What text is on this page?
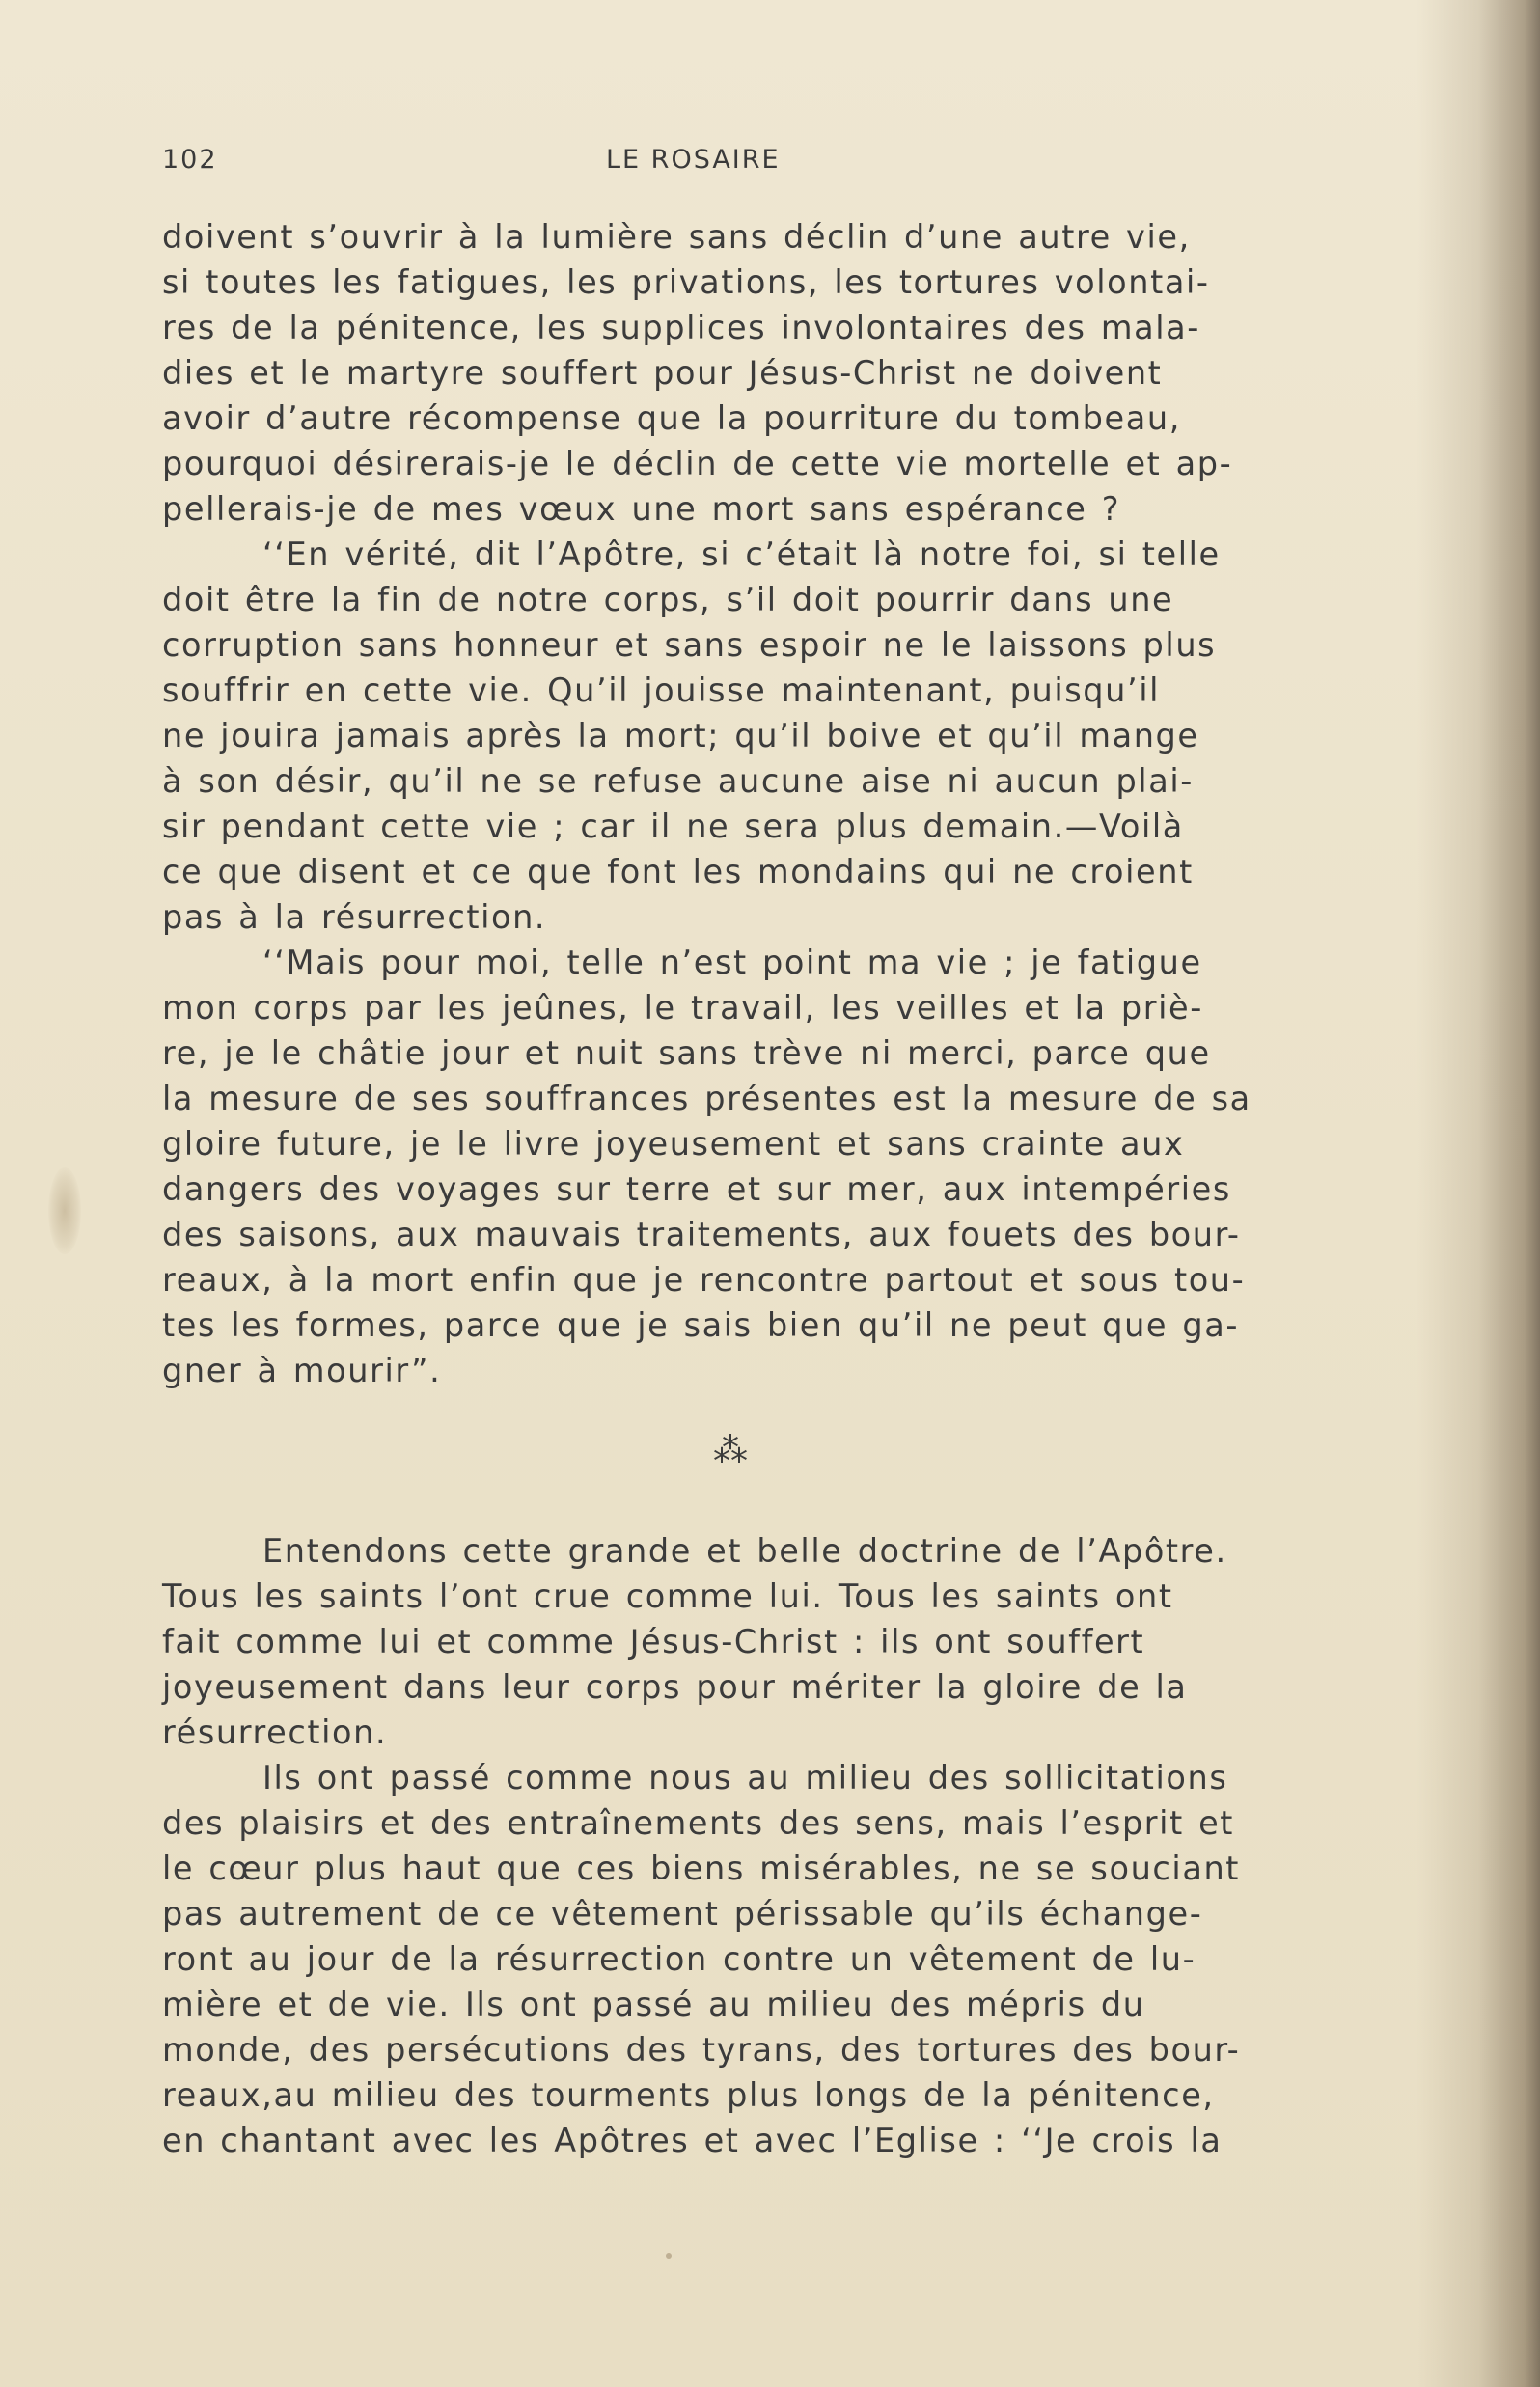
102	LE ROSAIRE
doivent s’ouvrir à la lumière sans déclin d’une autre vie,
si toutes les fatigues, les privations, les tortures volontai-
res de la pénitence, les supplices involontaires des mala-
dies et le martyre souffert pour Jésus-Christ ne doivent
avoir d’autre récompense que la pourriture du tombeau,
pourquoi désirerais-je le déclin de cette vie mortelle et ap-
pellerais-je de mes vœux une mort sans espérance ?
‘‘En vérité, dit l’Apôtre, si c’était là notre foi, si telle
doit être la fin de notre corps, s’il doit pourrir dans une
corruption sans honneur et sans espoir ne le laissons plus
souffrir en cette vie. Qu’il jouisse maintenant, puisqu’il
ne jouira jamais après la mort; qu’il boive et qu’il mange
à son désir, qu’il ne se refuse aucune aise ni aucun plai-
sir pendant cette vie ; car il ne sera plus demain.—Voilà
ce que disent et ce que font les mondains qui ne croient
pas à la résurrection.
‘‘Mais pour moi, telle n’est point ma vie ; je fatigue
mon corps par les jeûnes, le travail, les veilles et la priè-
re, je le châtie jour et nuit sans trève ni merci, parce que
la mesure de ses souffrances présentes est la mesure de sa
gloire future, je le livre joyeusement et sans crainte aux
dangers des voyages sur terre et sur mer, aux intempéries
des saisons, aux mauvais traitements, aux fouets des bour-
reaux, à la mort enfin que je rencontre partout et sous tou-
tes les formes, parce que je sais bien qu’il ne peut que ga-
gner à mourir”.
⁂
Entendons cette grande et belle doctrine de l’Apôtre.
Tous les saints l’ont crue comme lui. Tous les saints ont
fait comme lui et comme Jésus-Christ : ils ont souffert
joyeusement dans leur corps pour mériter la gloire de la
résurrection.
Ils ont passé comme nous au milieu des sollicitations
des plaisirs et des entraînements des sens, mais l’esprit et
le cœur plus haut que ces biens misérables, ne se souciant
pas autrement de ce vêtement périssable qu’ils échange-
ront au jour de la résurrection contre un vêtement de lu-
mière et de vie. Ils ont passé au milieu des mépris du
monde, des persécutions des tyrans, des tortures des bour-
reaux,au milieu des tourments plus longs de la pénitence,
en chantant avec les Apôtres et avec l’Eglise : ‘‘Je crois la
